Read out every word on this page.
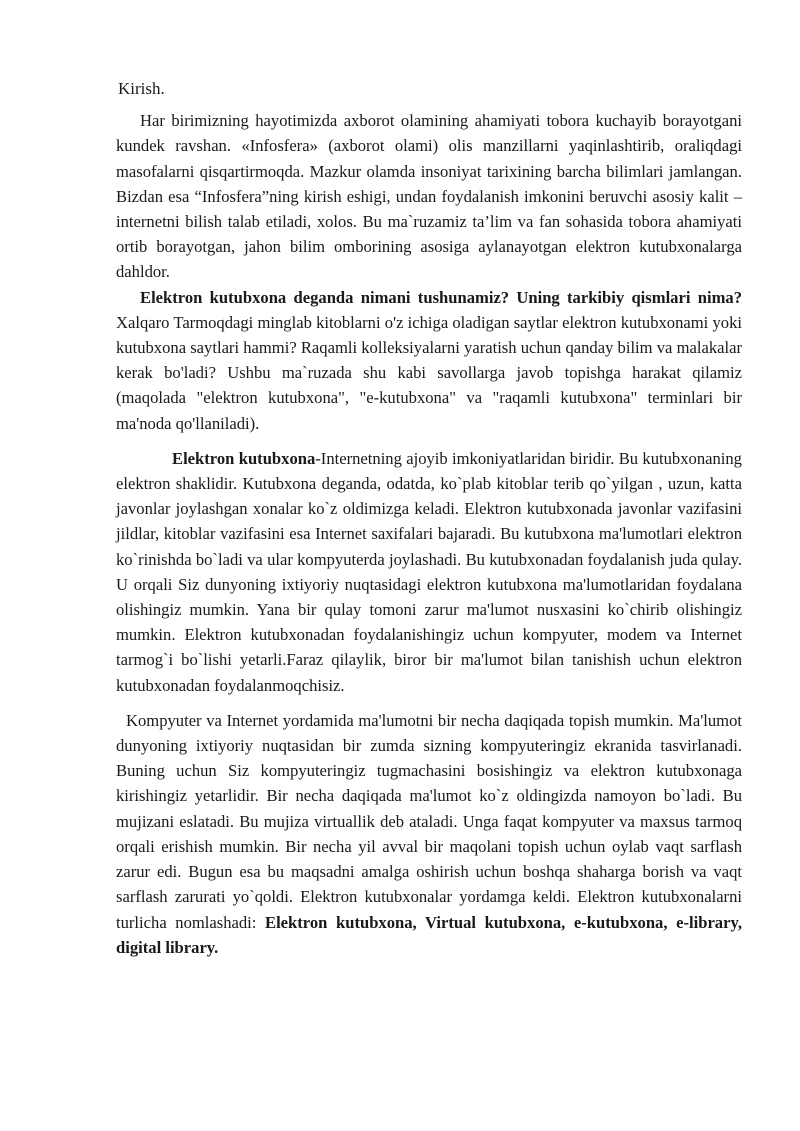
Kirish.

Har birimizning hayotimizda axborot olamining ahamiyati tobora kuchayib borayotgani kundek ravshan. «Infosfera» (axborot olami) olis manzillarni yaqinlashtirib, oraliqdagi masofalarni qisqartirmoqda. Mazkur olamda insoniyat tarixining barcha bilimlari jamlangan. Bizdan esa “Infosfera”ning kirish eshigi, undan foydalanish imkonini beruvchi asosiy kalit – internetni bilish talab etiladi, xolos. Bu ma`ruzamiz ta’lim va fan sohasida tobora ahamiyati ortib borayotgan, jahon bilim omborining asosiga aylanayotgan elektron kutubxonalarga dahldor.

Elektron kutubxona deganda nimani tushunamiz? Uning tarkibiy qismlari nima? Xalqaro Tarmoqdagi minglab kitoblarni o'z ichiga oladigan saytlar elektron kutubxonami yoki kutubxona saytlari hammi? Raqamli kolleksiyalarni yaratish uchun qanday bilim va malakalar kerak bo'ladi? Ushbu ma`ruzada shu kabi savollarga javob topishga harakat qilamiz (maqolada "elektron kutubxona", "e-kutubxona" va "raqamli kutubxona" terminlari bir ma'noda qo'llaniladi).

Elektron kutubxona-Internetning ajoyib imkoniyatlaridan biridir. Bu kutubxonaning elektron shaklidir. Kutubxona deganda, odatda, ko`plab kitoblar terib qo`yilgan , uzun, katta javonlar joylashgan xonalar ko`z oldimizga keladi. Elektron kutubxonada javonlar vazifasini jildlar, kitoblar vazifasini esa Internet saxifalari bajaradi. Bu kutubxona ma'lumotlari elektron ko`rinishda bo`ladi va ular kompyuterda joylashadi. Bu kutubxonadan foydalanish juda qulay. U orqali Siz dunyoning ixtiyoriy nuqtasidagi elektron kutubxona ma'lumotlaridan foydalana olishingiz mumkin. Yana bir qulay tomoni zarur ma'lumot nusxasini ko`chirib olishingiz mumkin. Elektron kutubxonadan foydalanishingiz uchun kompyuter, modem va Internet tarmog`i bo`lishi yetarli.Faraz qilaylik, biror bir ma'lumot bilan tanishish uchun elektron kutubxonadan foydalanmoqchisiz.

Kompyuter va Internet yordamida ma'lumotni bir necha daqiqada topish mumkin. Ma'lumot dunyoning ixtiyoriy nuqtasidan bir zumda sizning kompyuteringiz ekranida tasvirlanadi. Buning uchun Siz kompyuteringiz tugmachasini bosishingiz va elektron kutubxonaga kirishingiz yetarlidir. Bir necha daqiqada ma'lumot ko`z oldingizda namoyon bo`ladi. Bu mujizani eslatadi. Bu mujiza virtuallik deb ataladi. Unga faqat kompyuter va maxsus tarmoq orqali erishish mumkin. Bir necha yil avval bir maqolani topish uchun oylab vaqt sarflash zarur edi. Bugun esa bu maqsadni amalga oshirish uchun boshqa shaharga borish va vaqt sarflash zarurati yo`qoldi. Elektron kutubxonalar yordamga keldi. Elektron kutubxonalarni turlicha nomlashadi: Elektron kutubxona, Virtual kutubxona, e-kutubxona, e-library, digital library.
